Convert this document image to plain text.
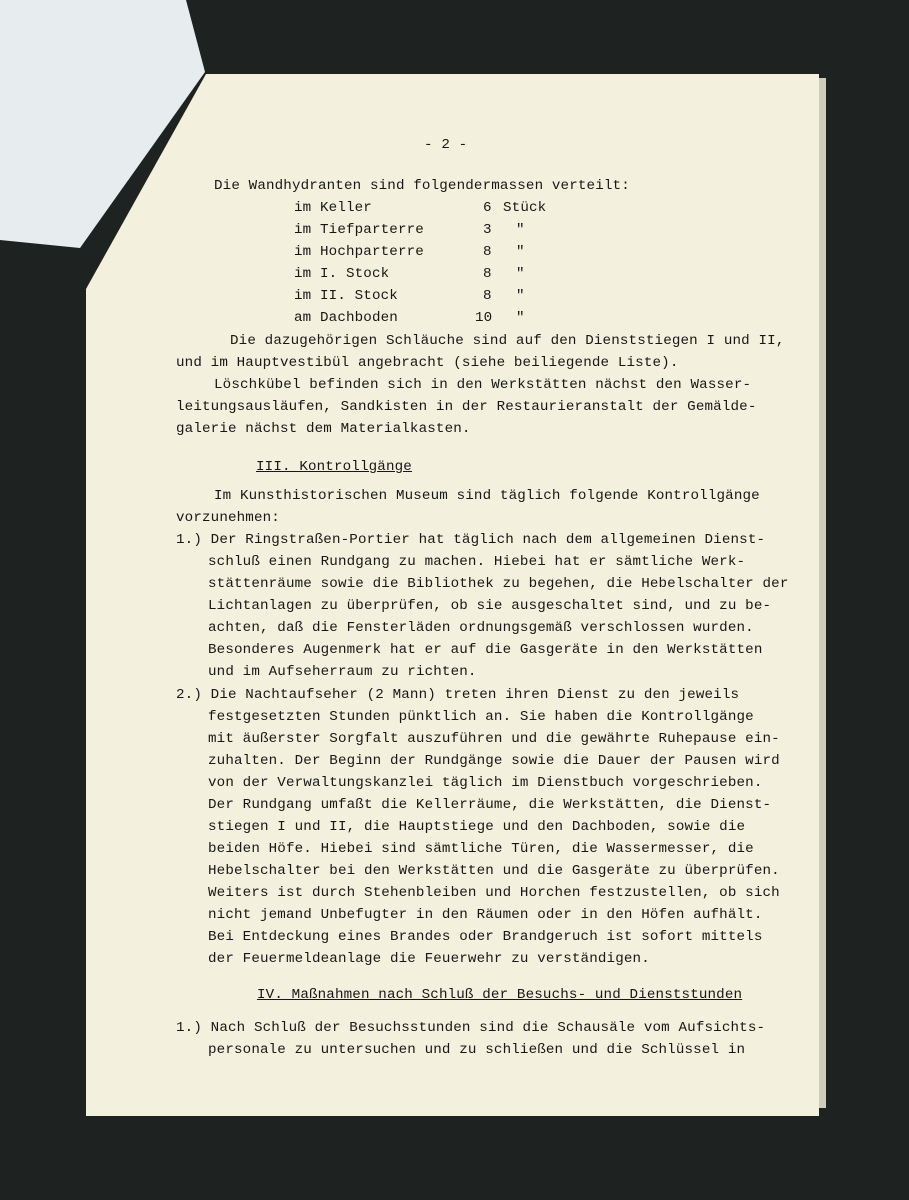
- 2 -
Die Wandhydranten sind folgendermassen verteilt:
im Keller	6 Stück
im Tiefparterre	3 "
im Hochparterre	8 "
im I. Stock	8 "
im II. Stock	8 "
am Dachboden	10 "
Die dazugehörigen Schläuche sind auf den Dienststiegen I und II,
und im Hauptvestibül angebracht (siehe beiliegende Liste).
Löschkübel befinden sich in den Werkstätten nächst den Wasser-
leitungsausläufen, Sandkisten in der Restaurieranstalt der Gemälde-
galerie nächst dem Materialkasten.
III. Kontrollgänge
Im Kunsthistorischen Museum sind täglich folgende Kontrollgänge
vorzunehmen:
1.) Der Ringstraßen-Portier hat täglich nach dem allgemeinen Dienst-
schluß einen Rundgang zu machen. Hiebei hat er sämtliche Werk-
stättenräume sowie die Bibliothek zu begehen, die Hebelschalter der
Lichtanlagen zu überprüfen, ob sie ausgeschaltet sind, und zu be-
achten, daß die Fensterläden ordnungsgemäß verschlossen wurden.
Besonderes Augenmerk hat er auf die Gasgeräte in den Werkstätten
und im Aufseherraum zu richten.
2.) Die Nachtaufseher (2 Mann) treten ihren Dienst zu den jeweils
festgesetzten Stunden pünktlich an. Sie haben die Kontrollgänge
mit äußerster Sorgfalt auszuführen und die gewährte Ruhepause ein-
zuhalten. Der Beginn der Rundgänge sowie die Dauer der Pausen wird
von der Verwaltungskanzlei täglich im Dienstbuch vorgeschrieben.
Der Rundgang umfaßt die Kellerräume, die Werkstätten, die Dienst-
stiegen I und II, die Hauptstiege und den Dachboden, sowie die
beiden Höfe. Hiebei sind sämtliche Türen, die Wassermesser, die
Hebelschalter bei den Werkstätten und die Gasgeräte zu überprüfen.
Weiters ist durch Stehenbleiben und Horchen festzustellen, ob sich
nicht jemand Unbefugter in den Räumen oder in den Höfen aufhält.
Bei Entdeckung eines Brandes oder Brandgeruch ist sofort mittels
der Feuermeldeanlage die Feuerwehr zu verständigen.
IV. Maßnahmen nach Schluß der Besuchs- und Dienststunden
1.) Nach Schluß der Besuchsstunden sind die Schausäle vom Aufsichts-
personale zu untersuchen und zu schließen und die Schlüssel in
